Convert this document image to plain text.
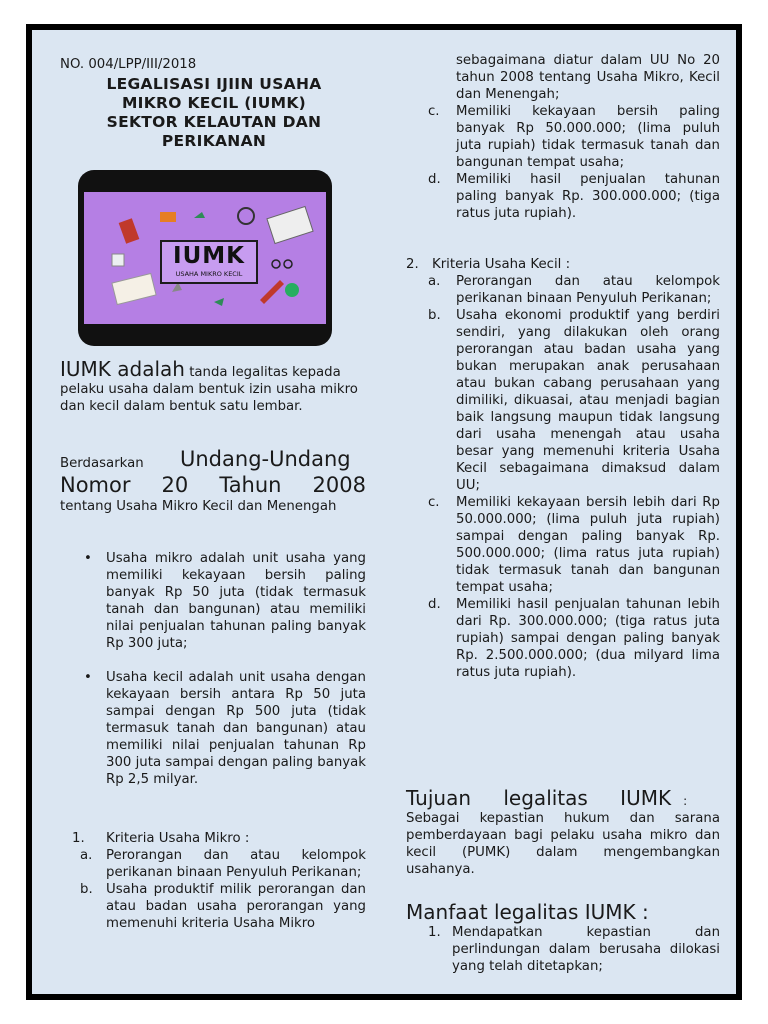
NO. 004/LPP/III/2018
LEGALISASI IJIIN USAHA
MIKRO KECIL (IUMK)
SEKTOR KELAUTAN DAN
PERIKANAN
IUMK
USAHA MIKRO KECIL
IUMK adalah tanda legalitas kepada pelaku usaha dalam bentuk izin usaha mikro dan kecil dalam bentuk satu lembar.
Berdasarkan	Undang-Undang Nomor 20 Tahun 2008
tentang Usaha Mikro Kecil dan Menengah
• Usaha mikro adalah unit usaha yang memiliki kekayaan bersih paling banyak Rp 50 juta (tidak termasuk tanah dan bangunan) atau memiliki nilai penjualan tahunan paling banyak Rp 300 juta;
• Usaha kecil adalah unit usaha dengan kekayaan bersih antara Rp 50 juta sampai dengan Rp 500 juta (tidak termasuk tanah dan bangunan) atau memiliki nilai penjualan tahunan Rp 300 juta sampai dengan paling banyak Rp 2,5 milyar.
1. Kriteria Usaha Mikro :
a. Perorangan dan atau kelompok perikanan binaan Penyuluh Perikanan;
b. Usaha produktif milik perorangan dan atau badan usaha perorangan yang memenuhi kriteria Usaha Mikro
sebagaimana diatur dalam UU No 20 tahun 2008 tentang Usaha Mikro, Kecil dan Menengah;
c. Memiliki kekayaan bersih paling banyak Rp 50.000.000; (lima puluh juta rupiah) tidak termasuk tanah dan bangunan tempat usaha;
d. Memiliki hasil penjualan tahunan paling banyak Rp. 300.000.000; (tiga ratus juta rupiah).
2. Kriteria Usaha Kecil :
a. Perorangan dan atau kelompok perikanan binaan Penyuluh Perikanan;
b. Usaha ekonomi produktif yang berdiri sendiri, yang dilakukan oleh orang perorangan atau badan usaha yang bukan merupakan anak perusahaan atau bukan cabang perusahaan yang dimiliki, dikuasai, atau menjadi bagian baik langsung maupun tidak langsung dari usaha menengah atau usaha besar yang memenuhi kriteria Usaha Kecil sebagaimana dimaksud dalam UU;
c. Memiliki kekayaan bersih lebih dari Rp 50.000.000; (lima puluh juta rupiah) sampai dengan paling banyak Rp. 500.000.000; (lima ratus juta rupiah) tidak termasuk tanah dan bangunan tempat usaha;
d. Memiliki hasil penjualan tahunan lebih dari Rp. 300.000.000; (tiga ratus juta rupiah) sampai dengan paling banyak Rp. 2.500.000.000; (dua milyard lima ratus juta rupiah).
Tujuan legalitas IUMK :
Sebagai kepastian hukum dan sarana pemberdayaan bagi pelaku usaha mikro dan kecil (PUMK) dalam mengembangkan usahanya.
Manfaat legalitas IUMK :
1. Mendapatkan kepastian dan perlindungan dalam berusaha dilokasi yang telah ditetapkan;
